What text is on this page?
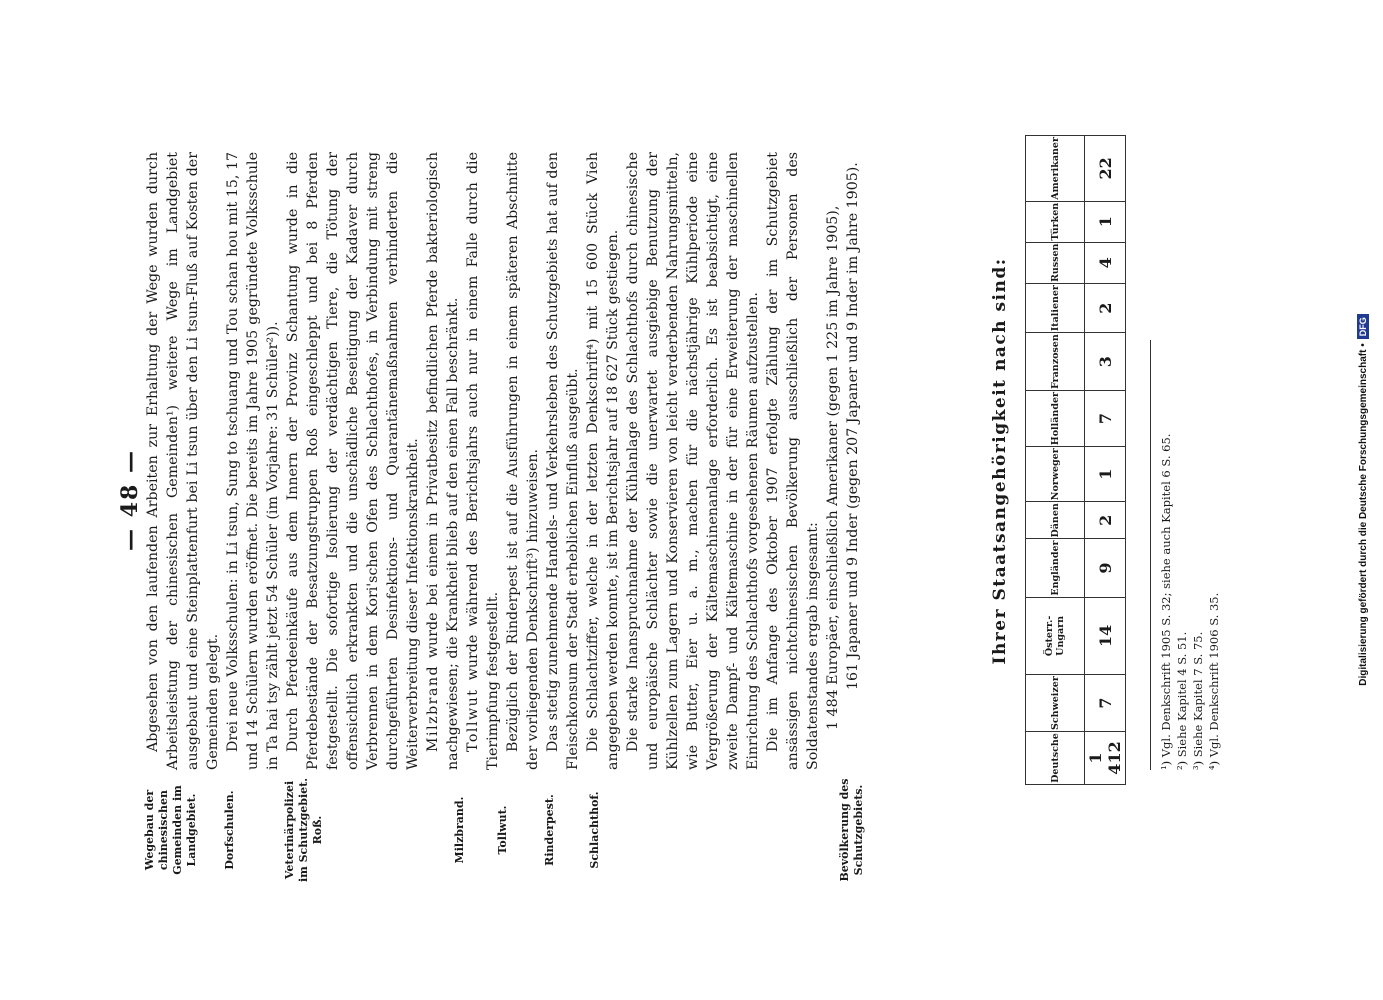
— 48 —
Wegebau der chinesischen Gemeinden im Landgebiet. Dorfschulen.	Veterinärpolizei im Schutzgebiet. Roß.	Milzbrand.	Tollwut.	Rinderpest.	Schlachthof.	Bevölkerung des Schutzgebiets.

Abgesehen von den laufenden Arbeiten zur Erhaltung der Wege wurden durch Arbeitsleistung der chinesischen Gemeinden¹) weitere Wege im Landgebiet ausgebaut und eine Steinplattenfurt bei Li tsun über den Li tsun-Fluß auf Kosten der Gemeinden gelegt. Drei neue Volksschulen: in Li tsun, Sung to tschuang und Tou schan hou mit 15, 17 und 14 Schülern wurden eröffnet. Die bereits im Jahre 1905 gegründete Volksschule in Ta hai tsy zählt jetzt 54 Schüler (im Vorjahre: 31 Schüler²)). Durch Pferdeeinkäufe aus dem Innern der Provinz Schantung wurde in die Pferdebestände der Besatzungstruppen Roß eingeschleppt und bei 8 Pferden festgestellt. Die sofortige Isolierung der verdächtigen Tiere, die Tötung der offensichtlich erkrankten und die unschädliche Beseitigung der Kadaver durch Verbrennen in dem Kori'schen Ofen des Schlachthofes, in Verbindung mit streng durchgeführten Desinfektions- und Quarantänemaßnahmen verhinderten die Weiterverbreitung dieser Infektionskrankheit. Milzbrand wurde bei einem in Privatbesitz befindlichen Pferde bakteriologisch nachgewiesen; die Krankheit blieb auf den einen Fall beschränkt. Tollwut wurde während des Berichtsjahrs auch nur in einem Falle durch die Tierimpfung festgestellt. Bezüglich der Rinderpest ist auf die Ausführungen in einem späteren Abschnitte der vorliegenden Denkschrift³) hinzuweisen. Das stetig zunehmende Handels- und Verkehrsleben des Schutzgebiets hat auf den Fleischkonsum der Stadt erheblichen Einfluß ausgeübt. Die Schlachtziffer, welche in der letzten Denkschrift⁴) mit 15 600 Stück Vieh angegeben werden konnte, ist im Berichtsjahr auf 18 627 Stück gestiegen. Die starke Inanspruchnahme der Kühlanlage des Schlachthofs durch chinesische und europäische Schlächter sowie die unerwartet ausgiebige Benutzung der Kühlzellen zum Lagern und Konservieren von leicht verderbenden Nahrungsmitteln, wie Butter, Eier u. a. m., machen für die nächstjährige Kühlperiode eine Vergrößerung der Kältemaschinenanlage erforderlich. Es ist beabsichtigt, eine zweite Dampf- und Kältemaschine in der für eine Erweiterung der maschinellen Einrichtung des Schlachthofs vorgesehenen Räumen aufzustellen. Die im Anfange des Oktober 1907 erfolgte Zählung der im Schutzgebiet ansässigen nichtchinesischen Bevölkerung ausschließlich der Personen des Soldatenstandes ergab insgesamt: 1 484 Europäer, einschließlich Amerikaner (gegen 1 225 im Jahre 1905), 161 Japaner und 9 Inder (gegen 207 Japaner und 9 Inder im Jahre 1905).	Ihrer Staatsangehörigkeit nach sind:
Deutsche	Schweizer	Österr.-Ungarn	Engländer	Dänen	Norweger	Holländer	Franzosen	Italiener	Russen	Türken	Amerikaner
1 412	7	14	9	2	1	7	3	2	4	1	22
¹) Vgl. Denkschrift 1905 S. 32; siehe auch Kapitel 6 S. 65. ²) Siehe Kapitel 4 S. 51. ³) Siehe Kapitel 7 S. 75. ⁴) Vgl. Denkschrift 1906 S. 35.	Digitalisierung gefördert durch die Deutsche Forschungsgemeinschaft •DFG
